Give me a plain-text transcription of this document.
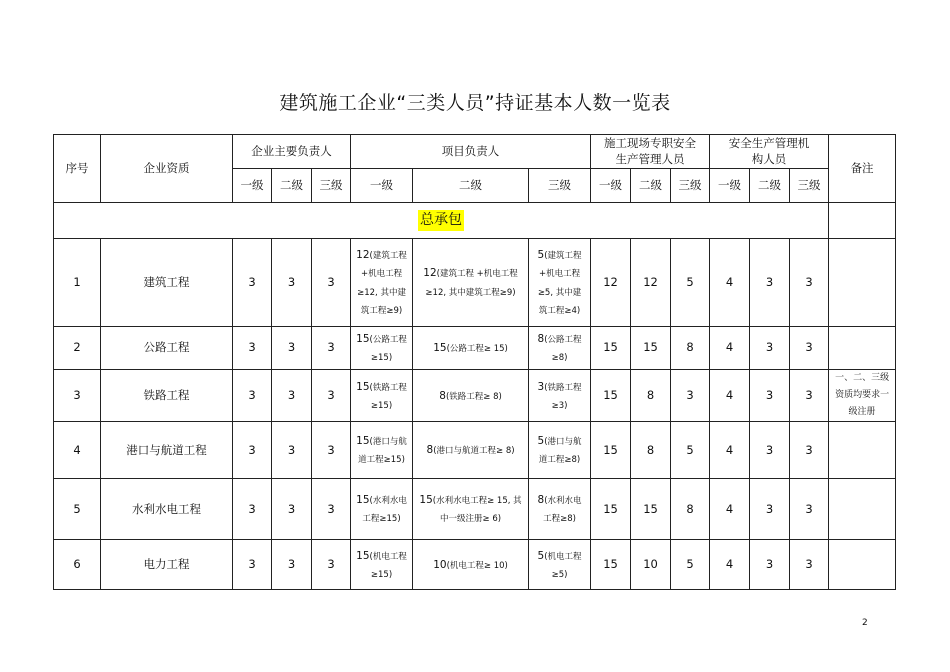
建筑施工企业“三类人员”持证基本人数一览表
序号	企业资质	企业主要负责人			项目负责人			施工现场专职安全生产管理人员			安全生产管理机构人员			备注
		一级	二级	三级	一级	二级	三级	一级	二级	三级	一级	二级	三级	
总承包														
1	建筑工程	3	3	3	12(建筑工程+机电工程≥12, 其中建筑工程≥9)	12(建筑工程 +机电工程≥12, 其中建筑工程≥9)	5(建筑工程+机电工程≥5, 其中建筑工程≥4)	12	12	5	4	3	3	
2	公路工程	3	3	3	15(公路工程≥15)	15(公路工程≥ 15)	8(公路工程≥8)	15	15	8	4	3	3	
3	铁路工程	3	3	3	15(铁路工程≥15)	8(铁路工程≥ 8)	3(铁路工程≥3)	15	8	3	4	3	3	一、二、三级资质均要求一级注册
4	港口与航道工程	3	3	3	15(港口与航道工程≥15)	8(港口与航道工程≥ 8)	5(港口与航道工程≥8)	15	8	5	4	3	3	
5	水利水电工程	3	3	3	15(水利水电工程≥15)	15(水利水电工程≥ 15, 其中一级注册≥ 6)	8(水利水电工程≥8)	15	15	8	4	3	3	
6	电力工程	3	3	3	15(机电工程≥15)	10(机电工程≥ 10)	5(机电工程≥5)	15	10	5	4	3	3	
2
